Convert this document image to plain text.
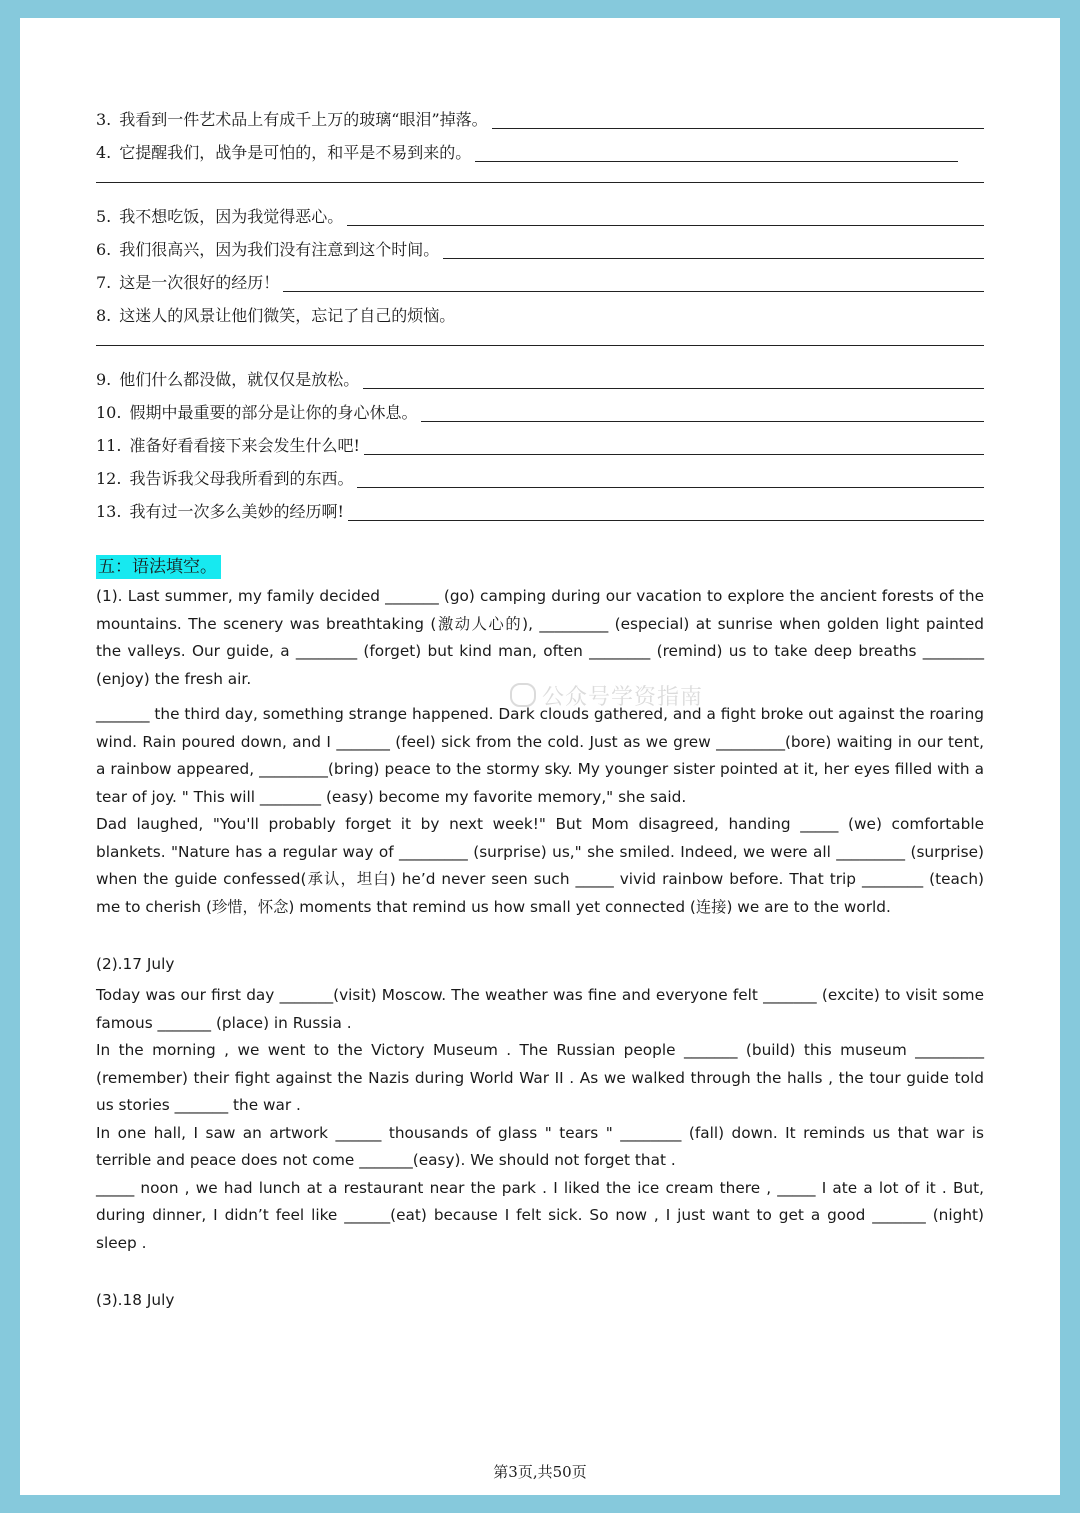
公众号学资指南
3. 我看到一件艺术品上有成千上万的玻璃“眼泪”掉落。
4. 它提醒我们，战争是可怕的，和平是不易到来的。
5. 我不想吃饭，因为我觉得恶心。
6. 我们很高兴，因为我们没有注意到这个时间。
7. 这是一次很好的经历！
8. 这迷人的风景让他们微笑，忘记了自己的烦恼。
9. 他们什么都没做，就仅仅是放松。
10. 假期中最重要的部分是让你的身心休息。
11. 准备好看看接下来会发生什么吧!
12. 我告诉我父母我所看到的东西。
13. 我有过一次多么美妙的经历啊!
五：语法填空。

(1). Last summer, my family decided _______ (go) camping during our vacation to explore the ancient forests of the mountains. The scenery was breathtaking (激动人心的), _________ (especial) at sunrise when golden light painted the valleys. Our guide, a ________ (forget) but kind man, often ________ (remind) us to take deep breaths ________ (enjoy) the fresh air.

_______ the third day, something strange happened. Dark clouds gathered, and a fight broke out against the roaring wind. Rain poured down, and I _______ (feel) sick from the cold. Just as we grew _________(bore) waiting in our tent, a rainbow appeared, _________(bring) peace to the stormy sky. My younger sister pointed at it, her eyes filled with a tear of joy. " This will ________ (easy) become my favorite memory," she said.

Dad laughed, "You'll probably forget it by next week!" But Mom disagreed, handing _____ (we) comfortable blankets. "Nature has a regular way of _________ (surprise) us," she smiled. Indeed, we were all _________ (surprise) when the guide confessed(承认，坦白) he’d never seen such _____ vivid rainbow before. That trip ________ (teach) me to cherish (珍惜，怀念) moments that remind us how small yet connected (连接) we are to the world.

(2).17 July

Today was our first day _______(visit) Moscow. The weather was fine and everyone felt _______ (excite) to visit some famous _______ (place) in Russia .

In the morning , we went to the Victory Museum . The Russian people _______ (build) this museum _________ (remember) their fight against the Nazis during World War II . As we walked through the halls , the tour guide told us stories _______ the war .

In one hall, I saw an artwork ______ thousands of glass " tears " ________ (fall) down. It reminds us that war is terrible and peace does not come _______(easy). We should not forget that .

_____ noon , we had lunch at a restaurant near the park . I liked the ice cream there , _____ I ate a lot of it . But, during dinner, I didn’t feel like ______(eat) because I felt sick. So now , I just want to get a good _______ (night) sleep .

(3).18 July

第3页,共50页
